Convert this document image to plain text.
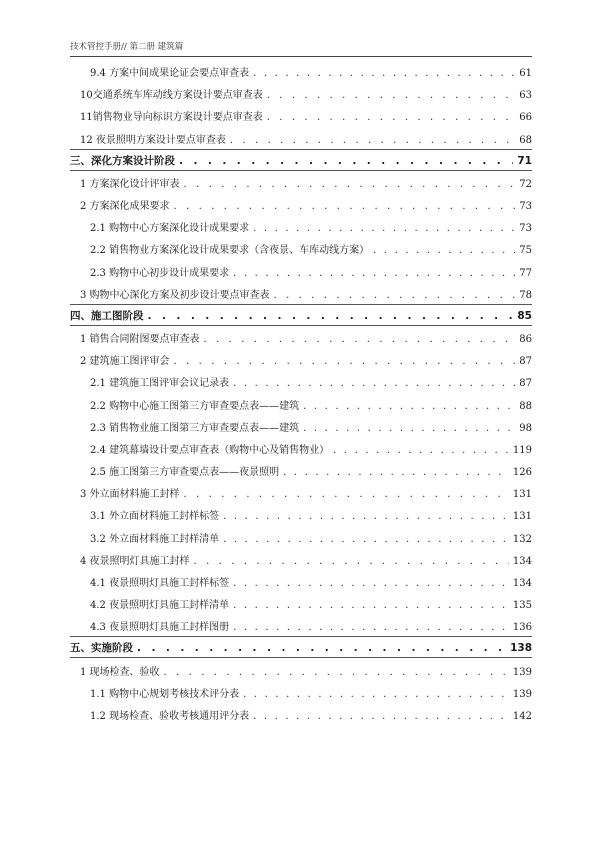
技术管控手册// 第二册 建筑篇
9.4 方案中间成果论证会要点审查表 . . .	61
10交通系统车库动线方案设计要点审查表 . . .	63
11销售物业导向标识方案设计要点审查表 . . .	66
12 夜景照明方案设计要点审查表 . . .	68
三、深化方案设计阶段 . . .	71
1 方案深化设计评审表 . . .	72
2 方案深化成果要求 . . .	73
2.1 购物中心方案深化设计成果要求 . . .	73
2.2 销售物业方案深化设计成果要求（含夜景、车库动线方案） . . .	75
2.3 购物中心初步设计成果要求 . . .	77
3 购物中心深化方案及初步设计要点审查表 . . .	78
四、施工图阶段 . . .	85
1 销售合同附图要点审查表 . . .	86
2 建筑施工图评审会 . . .	87
2.1 建筑施工图评审会议记录表 . . .	87
2.2 购物中心施工图第三方审查要点表——建筑 . . .	88
2.3 销售物业施工图第三方审查要点表——建筑 . . .	98
2.4 建筑幕墙设计要点审查表（购物中心及销售物业） . . .	119
2.5 施工图第三方审查要点表——夜景照明 . . .	126
3 外立面材料施工封样 . . .	131
3.1 外立面材料施工封样标签 . . .	131
3.2 外立面材料施工封样清单 . . .	132
4 夜景照明灯具施工封样 . . .	134
4.1 夜景照明灯具施工封样标签 . . .	134
4.2 夜景照明灯具施工封样清单 . . .	135
4.3 夜景照明灯具施工封样图册 . . .	136
五、实施阶段 . . .	138
1 现场检查、验收 . . .	139
1.1 购物中心规划考核技术评分表 . . .	139
1.2 现场检查、验收考核通用评分表 . . .	142
